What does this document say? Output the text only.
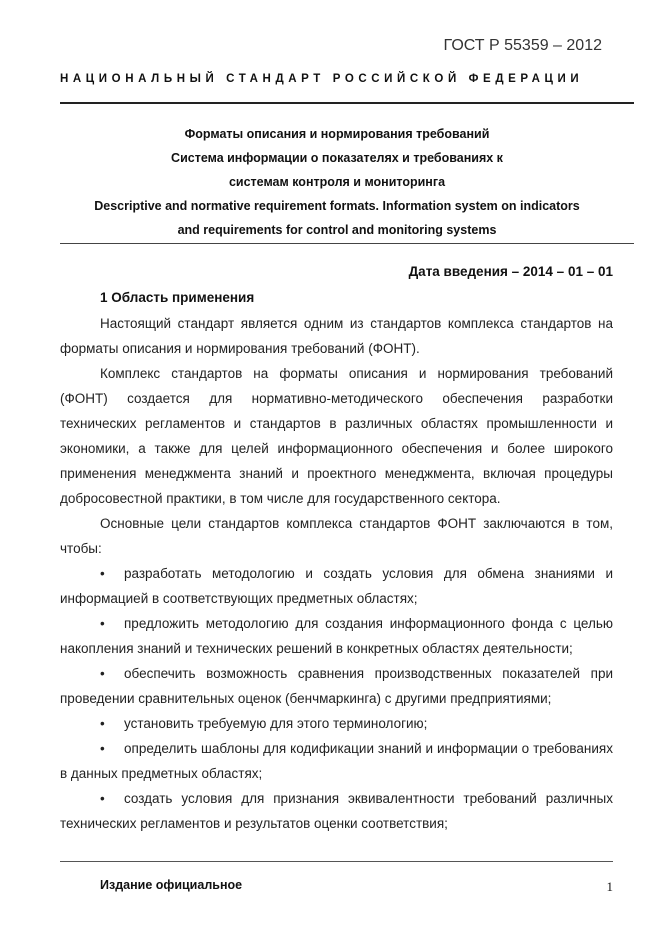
ГОСТ Р 55359 – 2012
НАЦИОНАЛЬНЫЙ СТАНДАРТ РОССИЙСКОЙ ФЕДЕРАЦИИ
Форматы описания и нормирования требований
Система информации о показателях и требованиях к
системам контроля и мониторинга
Descriptive and normative requirement formats. Information system on indicators
and requirements for control and monitoring systems
Дата введения – 2014 – 01 – 01
1 Область применения

Настоящий стандарт является одним из стандартов комплекса стандартов на форматы описания и нормирования требований (ФОНТ).

Комплекс стандартов на форматы описания и нормирования требований (ФОНТ) создается для нормативно-методического обеспечения разработки технических регламентов и стандартов в различных областях промышленности и экономики, а также для целей информационного обеспечения и более широкого применения менеджмента знаний и проектного менеджмента, включая процедуры добросовестной практики, в том числе для государственного сектора.

Основные цели стандартов комплекса стандартов ФОНТ заключаются в том, чтобы:

• разработать методологию и создать условия для обмена знаниями и информацией в соответствующих предметных областях;

• предложить методологию для создания информационного фонда с целью накопления знаний и технических решений в конкретных областях деятельности;

• обеспечить возможность сравнения производственных показателей при проведении сравнительных оценок (бенчмаркинга) с другими предприятиями;

• установить требуемую для этого терминологию;

• определить шаблоны для кодификации знаний и информации о требованиях в данных предметных областях;

• создать условия для признания эквивалентности требований различных технических регламентов и результатов оценки соответствия;

Издание официальное	1
